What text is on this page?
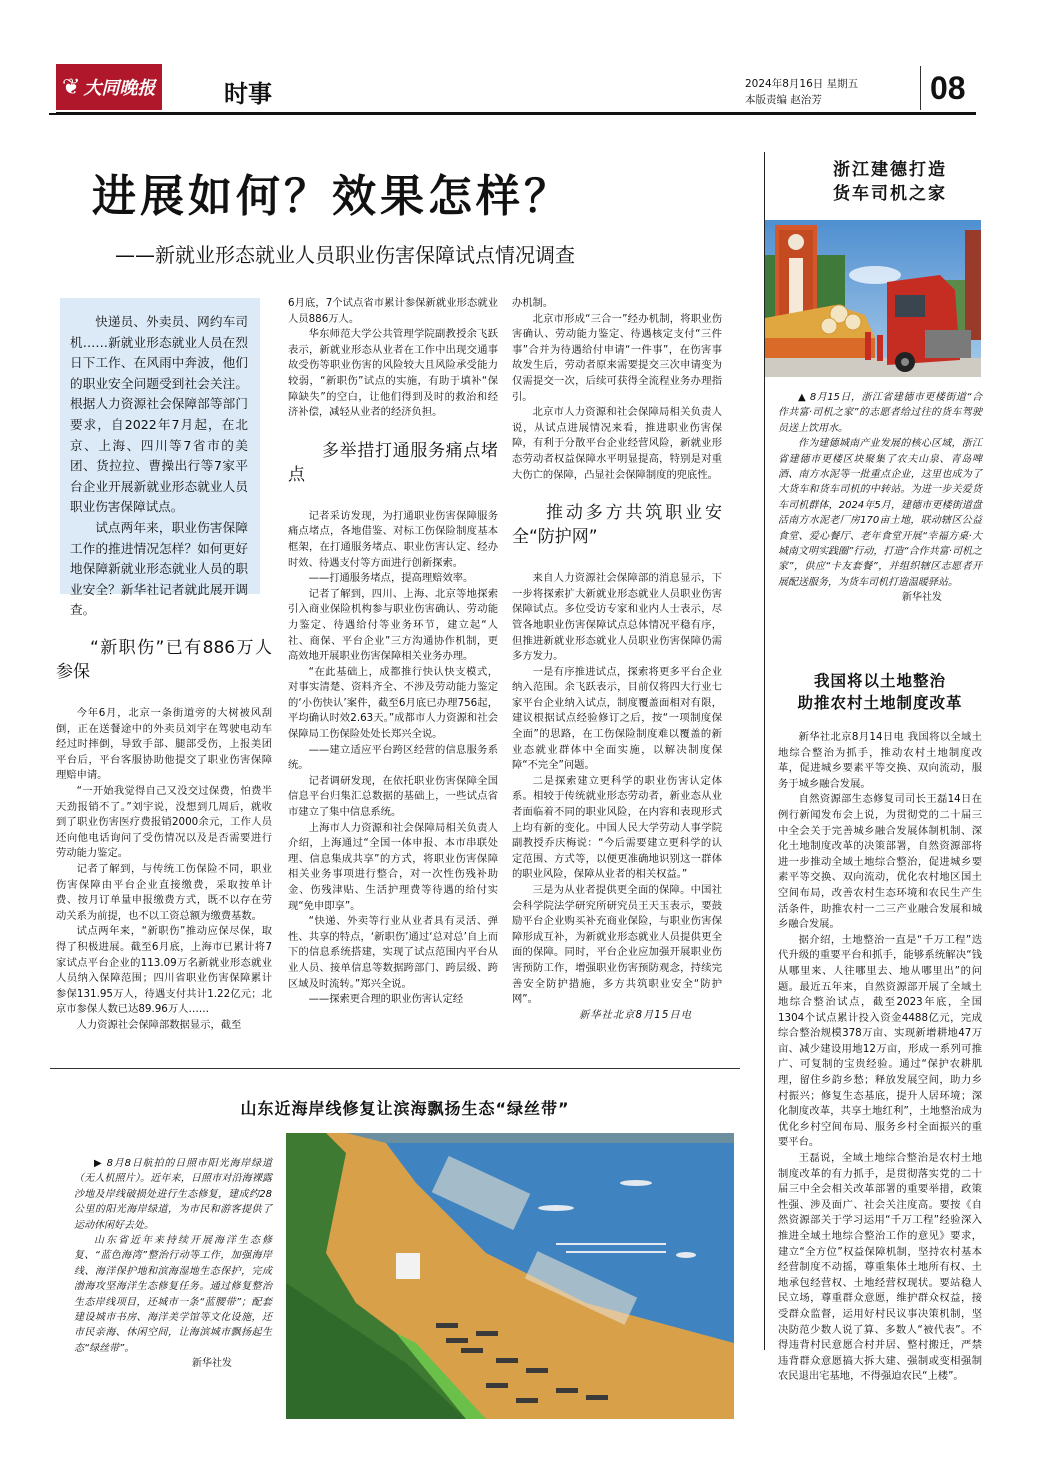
❦ 大同晚报	时事	2024年8月16日 星期五
本版责编 赵治芳	08
进展如何？效果怎样？
——新就业形态就业人员职业伤害保障试点情况调查

快递员、外卖员、网约车司机……新就业形态就业人员在烈日下工作、在风雨中奔波，他们的职业安全问题受到社会关注。根据人力资源社会保障部等部门要求，自2022年7月起，在北京、上海、四川等7省市的美团、货拉拉、曹操出行等7家平台企业开展新就业形态就业人员职业伤害保障试点。

试点两年来，职业伤害保障工作的推进情况怎样？如何更好地保障新就业形态就业人员的职业安全？新华社记者就此展开调查。

“新职伤”已有886万人参保

今年6月，北京一条街道旁的大树被风刮倒，正在送餐途中的外卖员刘宇在驾驶电动车经过时摔倒，导致手部、腿部受伤，上报美团平台后，平台客服协助他提交了职业伤害保障理赔申请。

“一开始我觉得自己又没交过保费，怕费半天劲报销不了。”刘宇说，没想到几周后，就收到了职业伤害医疗费报销2000余元，工作人员还向他电话询问了受伤情况以及是否需要进行劳动能力鉴定。

记者了解到，与传统工伤保险不同，职业伤害保障由平台企业直接缴费，采取按单计费、按月订单量申报缴费方式，既不以存在劳动关系为前提，也不以工资总额为缴费基数。

试点两年来，“新职伤”推动应保尽保，取得了积极进展。截至6月底，上海市已累计将7家试点平台企业的113.09万名新就业形态就业人员纳入保障范围；四川省职业伤害保障累计参保131.95万人，待遇支付共计1.22亿元；北京市参保人数已达89.96万人……

人力资源社会保障部数据显示，截至

6月底，7个试点省市累计参保新就业形态就业人员886万人。

华东师范大学公共管理学院副教授余飞跃表示，新就业形态从业者在工作中出现交通事故受伤等职业伤害的风险较大且风险承受能力较弱，“新职伤”试点的实施，有助于填补“保障缺失”的空白，让他们得到及时的救治和经济补偿，减轻从业者的经济负担。

多举措打通服务痛点堵点

记者采访发现，为打通职业伤害保障服务痛点堵点，各地借鉴、对标工伤保险制度基本框架，在打通服务堵点、职业伤害认定、经办时效、待遇支付等方面进行创新探索。

——打通服务堵点，提高理赔效率。

记者了解到，四川、上海、北京等地探索引入商业保险机构参与职业伤害确认、劳动能力鉴定、待遇给付等业务环节，建立起“人社、商保、平台企业”三方沟通协作机制，更高效地开展职业伤害保障相关业务办理。

“在此基础上，成都推行快认快支模式，对事实清楚、资料齐全、不涉及劳动能力鉴定的‘小伤快认’案件，截至6月底已办理756起，平均确认时效2.63天。”成都市人力资源和社会保障局工伤保险处处长郑兴全说。

——建立适应平台跨区经营的信息服务系统。

记者调研发现，在依托职业伤害保障全国信息平台归集汇总数据的基础上，一些试点省市建立了集中信息系统。

上海市人力资源和社会保障局相关负责人介绍，上海通过“全国一体申报、本市串联处理、信息集成共享”的方式，将职业伤害保障相关业务事项进行整合，对一次性伤残补助金、伤残津贴、生活护理费等待遇的给付实现“免申即享”。

“快递、外卖等行业从业者具有灵活、弹性、共享的特点，‘新职伤’通过‘总对总’自上而下的信息系统搭建，实现了试点范围内平台从业人员、接单信息等数据跨部门、跨层级、跨区域及时流转。”郑兴全说。

——探索更合理的职业伤害认定经

办机制。

北京市形成“三合一”经办机制，将职业伤害确认、劳动能力鉴定、待遇核定支付“三件事”合并为待遇给付申请“一件事”，在伤害事故发生后，劳动者原来需要提交三次申请变为仅需提交一次，后续可获得全流程业务办理指引。

北京市人力资源和社会保障局相关负责人说，从试点进展情况来看，推进职业伤害保障，有利于分散平台企业经营风险，新就业形态劳动者权益保障水平明显提高，特别是对重大伤亡的保障，凸显社会保障制度的兜底性。

推动多方共筑职业安全“防护网”

来自人力资源社会保障部的消息显示，下一步将探索扩大新就业形态就业人员职业伤害保障试点。多位受访专家和业内人士表示，尽管各地职业伤害保障试点总体情况平稳有序，但推进新就业形态就业人员职业伤害保障仍需多方发力。

一是有序推进试点，探索将更多平台企业纳入范围。余飞跃表示，目前仅将四大行业七家平台企业纳入试点，制度覆盖面相对有限，建议根据试点经验修订之后，按“一项制度保全面”的思路，在工伤保险制度难以覆盖的新业态就业群体中全面实施，以解决制度保障“不完全”问题。

二是探索建立更科学的职业伤害认定体系。相较于传统就业形态劳动者，新业态从业者面临着不同的职业风险，在内容和表现形式上均有新的变化。中国人民大学劳动人事学院副教授乔庆梅说：“今后需要建立更科学的认定范围、方式等，以便更准确地识别这一群体的职业风险，保障从业者的相关权益。”

三是为从业者提供更全面的保障。中国社会科学院法学研究所研究员王天玉表示，要鼓励平台企业购买补充商业保险，与职业伤害保障形成互补，为新就业形态就业人员提供更全面的保障。同时，平台企业应加强开展职业伤害预防工作，增强职业伤害预防观念，持续完善安全防护措施，多方共筑职业安全“防护网”。

新华社北京8月15日电
浙江建德打造
货车司机之家

▲ 8月15日，浙江省建德市更楼街道“合作共富·司机之家”的志愿者给过往的货车驾驶员送上饮用水。

作为建德城南产业发展的核心区域，浙江省建德市更楼区块聚集了农夫山泉、青岛啤酒、南方水泥等一批重点企业，这里也成为了大货车和货车司机的中转站。为进一步关爱货车司机群体，2024年5月，建德市更楼街道盘活南方水泥老厂房170亩土地，联动辖区公益食堂、爱心餐厅、老年食堂开展“幸福方桌·大城南文明实践圈”行动，打造“合作共富·司机之家”，供应“卡友套餐”，并组织辖区志愿者开展配送服务，为货车司机打造温暖驿站。

新华社发
我国将以土地整治
助推农村土地制度改革

新华社北京8月14日电 我国将以全域土地综合整治为抓手，推动农村土地制度改革，促进城乡要素平等交换、双向流动，服务于城乡融合发展。

自然资源部生态修复司司长王磊14日在例行新闻发布会上说，为贯彻党的二十届三中全会关于完善城乡融合发展体制机制、深化土地制度改革的决策部署，自然资源部将进一步推动全域土地综合整治，促进城乡要素平等交换、双向流动，优化农村地区国土空间布局，改善农村生态环境和农民生产生活条件，助推农村一二三产业融合发展和城乡融合发展。

据介绍，土地整治一直是“千万工程”迭代升级的重要平台和抓手，能够系统解决“钱从哪里来、人往哪里去、地从哪里出”的问题。最近五年来，自然资源部开展了全域土地综合整治试点，截至2023年底，全国1304个试点累计投入资金4488亿元，完成综合整治规模378万亩、实现新增耕地47万亩、减少建设用地12万亩，形成一系列可推广、可复制的宝贵经验。通过“保护农耕肌理，留住乡韵乡愁；释放发展空间，助力乡村振兴；修复生态基底，提升人居环境；深化制度改革，共享土地红利”，土地整治成为优化乡村空间布局、服务乡村全面振兴的重要平台。

王磊说，全域土地综合整治是农村土地制度改革的有力抓手，是贯彻落实党的二十届三中全会相关改革部署的重要举措，政策性强、涉及面广、社会关注度高。要按《自然资源部关于学习运用“千万工程”经验深入推进全域土地综合整治工作的意见》要求，建立“全方位”权益保障机制，坚持农村基本经营制度不动摇，尊重集体土地所有权、土地承包经营权、土地经营权现状。要站稳人民立场，尊重群众意愿，维护群众权益，接受群众监督，运用好村民议事决策机制，坚决防范少数人说了算、多数人“被代表”。不得违背村民意愿合村并居、整村搬迁，严禁违背群众意愿搞大拆大建、强制或变相强制农民退出宅基地，不得强迫农民“上楼”。

山东近海岸线修复让滨海飘扬生态“绿丝带”

▶ 8月8日航拍的日照市阳光海岸绿道（无人机照片）。近年来，日照市对沿海裸露沙地及岸线破损处进行生态修复，建成约28公里的阳光海岸绿道，为市民和游客提供了运动休闲好去处。

山东省近年来持续开展海洋生态修复、“蓝色海湾”整治行动等工作，加强海岸线、海洋保护地和滨海湿地生态保护，完成渤海攻坚海洋生态修复任务。通过修复整治生态岸线项目，还城市一条“蓝腰带”；配套建设城市书房、海洋美学馆等文化设施，还市民亲海、休闲空间，让海滨城市飘扬起生态“绿丝带”。

新华社发
